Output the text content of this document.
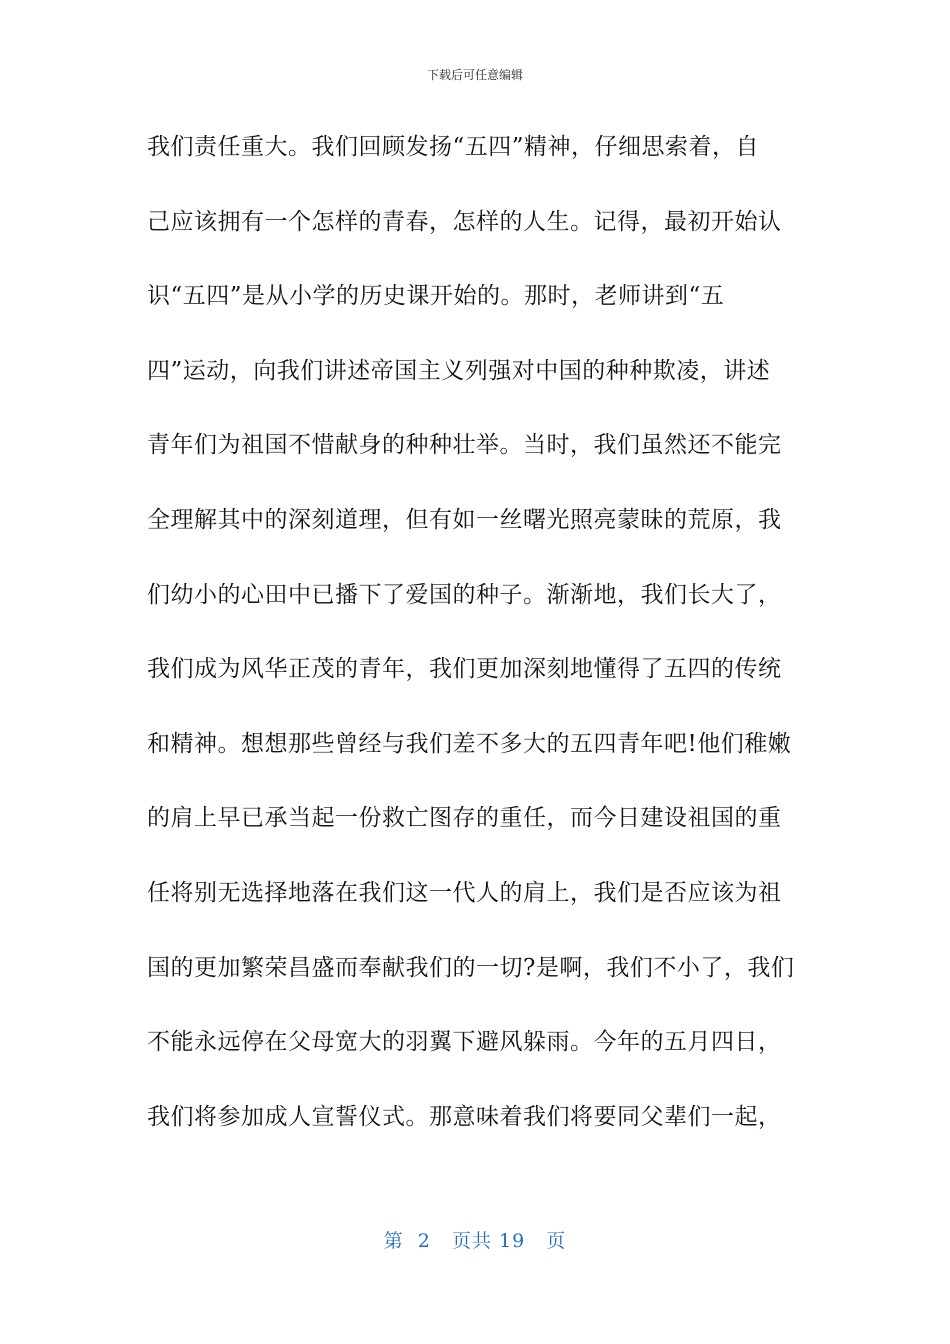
下载后可任意编辑
我们责任重大。我们回顾发扬“五四”精神，仔细思索着，自
己应该拥有一个怎样的青春，怎样的人生。记得，最初开始认
识“五四”是从小学的历史课开始的。那时，老师讲到“五
四”运动，向我们讲述帝国主义列强对中国的种种欺凌，讲述
青年们为祖国不惜献身的种种壮举。当时，我们虽然还不能完
全理解其中的深刻道理，但有如一丝曙光照亮蒙昧的荒原，我
们幼小的心田中已播下了爱国的种子。渐渐地，我们长大了，
我们成为风华正茂的青年，我们更加深刻地懂得了五四的传统
和精神。想想那些曾经与我们差不多大的五四青年吧!他们稚嫩
的肩上早已承当起一份救亡图存的重任，而今日建设祖国的重
任将别无选择地落在我们这一代人的肩上，我们是否应该为祖
国的更加繁荣昌盛而奉献我们的一切?是啊，我们不小了，我们
不能永远停在父母宽大的羽翼下避风躲雨。今年的五月四日，
我们将参加成人宣誓仪式。那意味着我们将要同父辈们一起，
第  2   页共 19   页
